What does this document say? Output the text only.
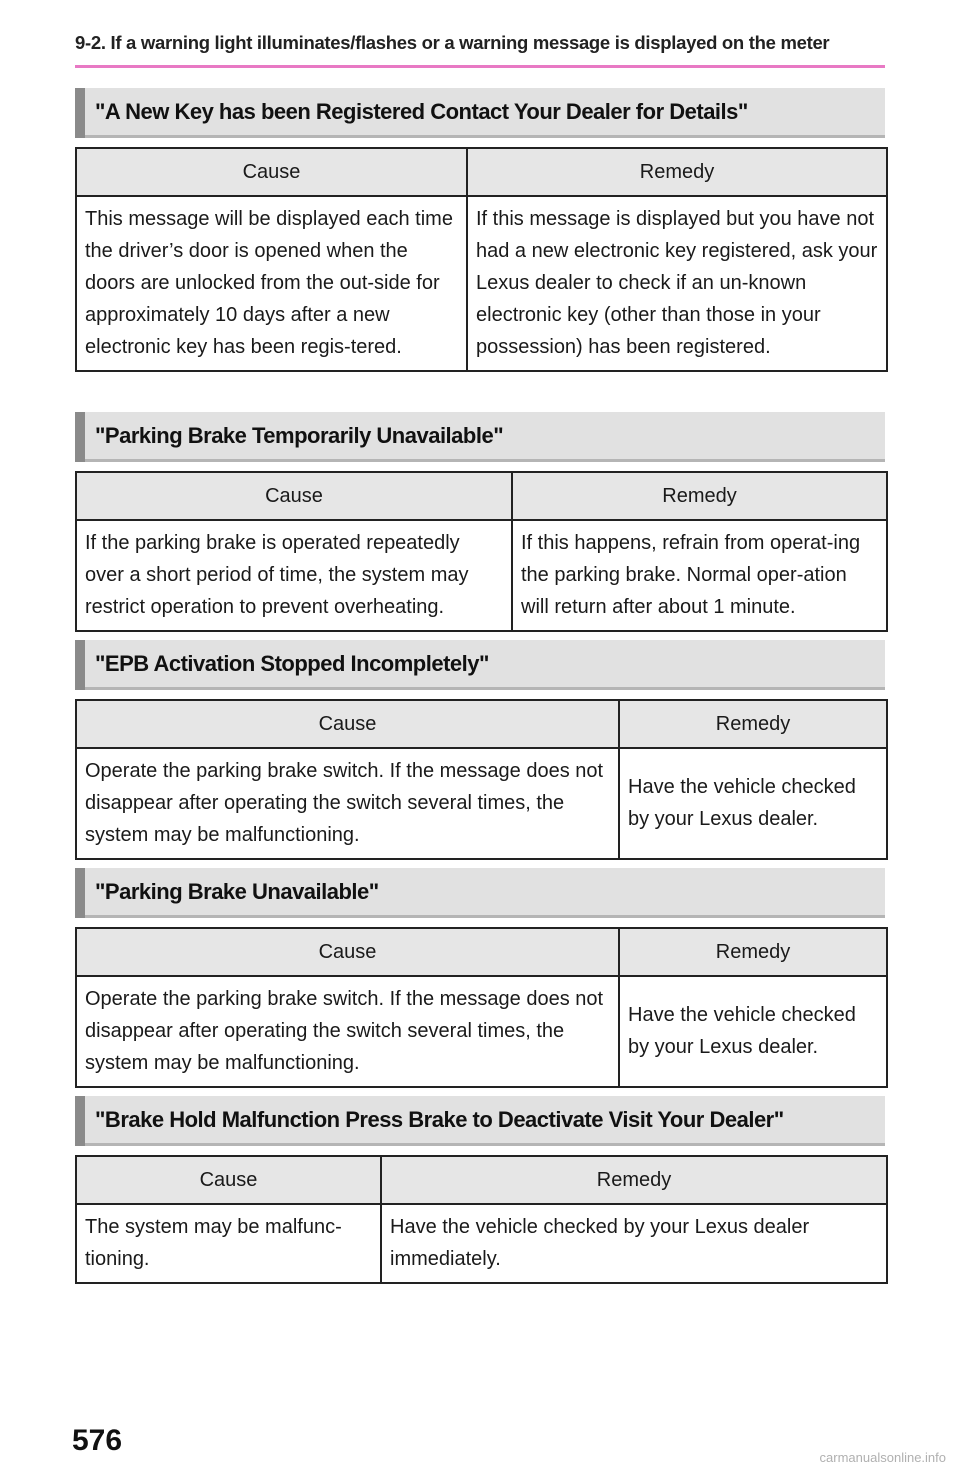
9-2. If a warning light illuminates/flashes or a warning message is displayed on the meter
"A New Key has been Registered Contact Your Dealer for Details"
Cause	Remedy
This message will be displayed each time the driver’s door is opened when the doors are unlocked from the out-side for approximately 10 days after a new electronic key has been regis-tered.	If this message is displayed but you have not had a new electronic key registered, ask your Lexus dealer to check if an un-known electronic key (other than those in your possession) has been registered.
"Parking Brake Temporarily Unavailable"
Cause	Remedy
If the parking brake is operated repeatedly over a short period of time, the system may restrict operation to prevent overheating.	If this happens, refrain from operat-ing the parking brake. Normal oper-ation will return after about 1 minute.
"EPB Activation Stopped Incompletely"
Cause	Remedy
Operate the parking brake switch. If the message does not disappear after operating the switch several times, the system may be malfunctioning.	Have the vehicle checked by your Lexus dealer.
"Parking Brake Unavailable"
Cause	Remedy
Operate the parking brake switch. If the message does not disappear after operating the switch several times, the system may be malfunctioning.	Have the vehicle checked by your Lexus dealer.
"Brake Hold Malfunction Press Brake to Deactivate Visit Your Dealer"
Cause	Remedy
The system may be malfunc-tioning.	Have the vehicle checked by your Lexus dealer immediately.
576
carmanualsonline.info
